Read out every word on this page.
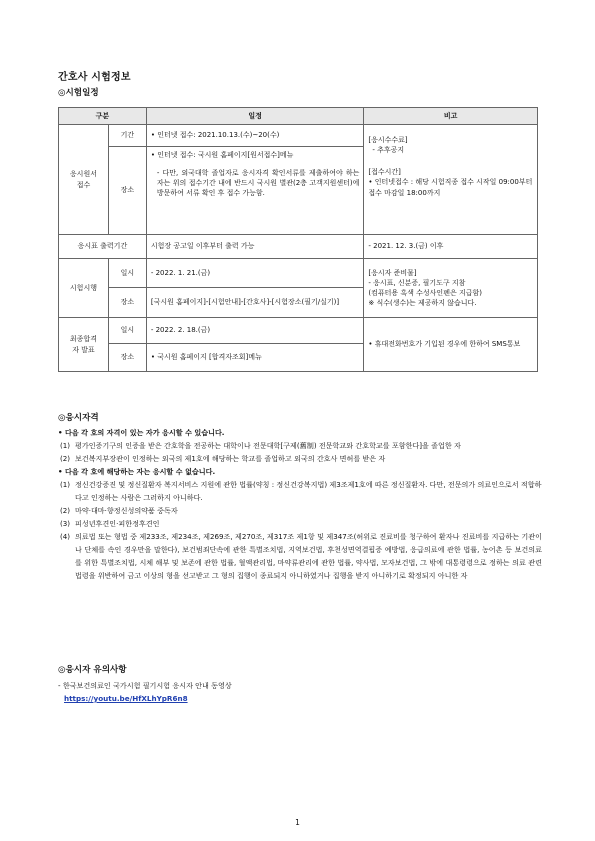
간호사 시험정보
◎시험일정
구분		일정	비고
응시원서
접수	기간	• 인터넷 접수: 2021.10.13.(수)~20(수)	[응시수수료]
- 추후공지
[접수시간]
• 인터넷접수 : 해당 시험직종 접수 시작일 09:00부터 접수 마감일 18:00까지

	장소	• 인터넷 접수: 국시원 홈페이지[원서접수]메뉴
- 다만, 외국대학 졸업자로 응시자격 확인서류를 제출하여야 하는 자는 위의 접수기간 내에 반드시 국시원 별관(2층 고객지원센터)에 방문하여 서류 확인 후 접수 가능함.	

응시표 출력기간		시험장 공고일 이후부터 출력 가능	- 2021. 12. 3.(금) 이후
시험시행	일시	- 2022. 1. 21.(금)	[응시자 준비물]
- 응시표, 신분증, 필기도구 지참
(컴퓨터용 흑색 수성사인펜은 지급함)
※ 식수(생수)는 제공하지 않습니다.

	장소	[국시원 홈페이지]-[시험안내]-[간호사]-[시험장소(필기/실기)]	
최종합격
자 발표	일시	- 2022. 2. 18.(금)	• 휴대전화번호가 기입된 경우에 한하여 SMS통보
	장소	• 국시원 홈페이지 [합격자조회]메뉴	
◎응시자격
• 다음 각 호의 자격이 있는 자가 응시할 수 있습니다.
(1) 평가인증기구의 인증을 받은 간호학을 전공하는 대학이나 전문대학[구제(舊制) 전문학교와 간호학교를 포함한다]을 졸업한 자
(2) 보건복지부장관이 인정하는 외국의 제1호에 해당하는 학교를 졸업하고 외국의 간호사 면허를 받은 자
• 다음 각 호에 해당하는 자는 응시할 수 없습니다.
(1) 정신건강증진 및 정신질환자 복지서비스 지원에 관한 법률(약칭 : 정신건강복지법) 제3조제1호에 따른 정신질환자. 다만, 전문의가 의료인으로서 적합하다고 인정하는 사람은 그러하지 아니하다.
(2) 마약·대마·향정신성의약품 중독자
(3) 피성년후견인·피한정후견인
(4) 의료법 또는 형법 중 제233조, 제234조, 제269조, 제270조, 제317조 제1항 및 제347조(허위로 진료비를 청구하여 환자나 진료비를 지급하는 기관이나 단체를 속인 경우만을 말한다), 보건범죄단속에 관한 특별조치법, 지역보건법, 후천성면역결핍증 예방법, 응급의료에 관한 법률, 농어촌 등 보건의료를 위한 특별조치법, 시체 해부 및 보존에 관한 법률, 혈액관리법, 마약류관리에 관한 법률, 약사법, 모자보건법, 그 밖에 대통령령으로 정하는 의료 관련 법령을 위반하여 금고 이상의 형을 선고받고 그 형의 집행이 종료되지 아니하였거나 집행을 받지 아니하기로 확정되지 아니한 자
◎응시자 유의사항
- 한국보건의료인 국가시험 필기시험 응시자 안내 동영상
https://youtu.be/HfXLhYpR6n8
1
